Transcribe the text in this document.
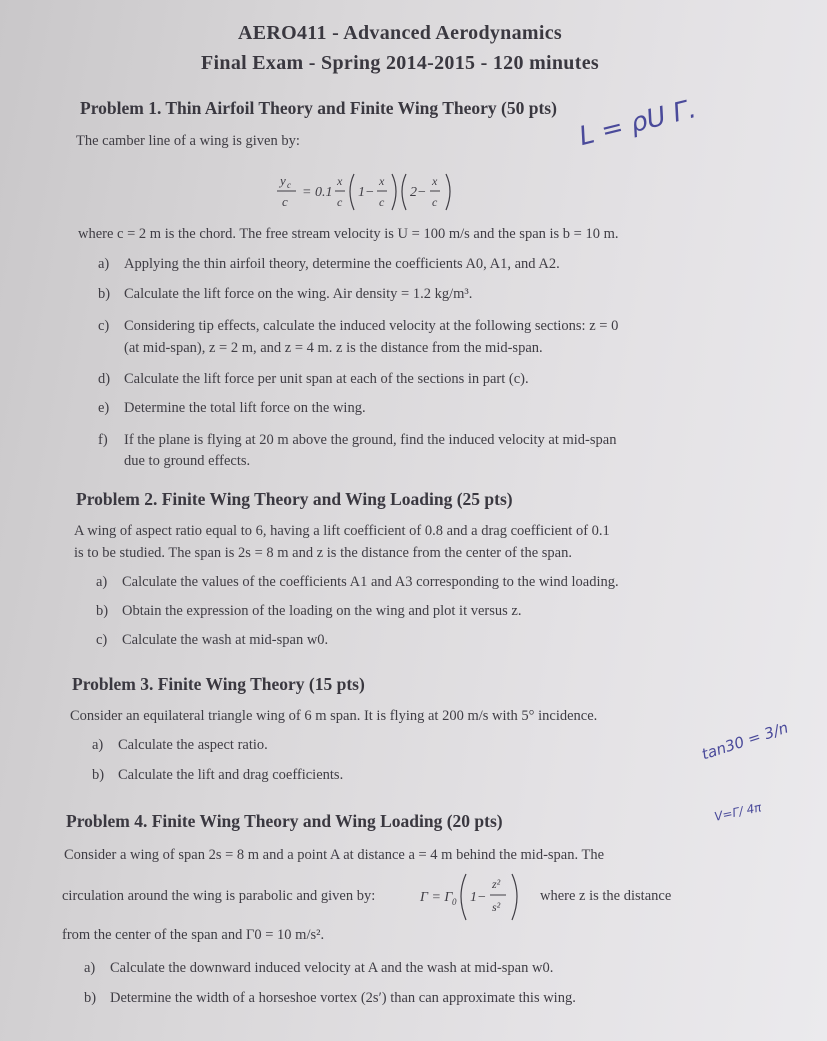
AERO411 - Advanced Aerodynamics
Final Exam - Spring 2014-2015 - 120 minutes
Problem 1. Thin Airfoil Theory and Finite Wing Theory (50 pts)
The camber line of a wing is given by:
y c
c
= 0.1
x
c
1−
x
c
2−
x
c
where c = 2 m is the chord. The free stream velocity is U = 100 m/s and the span is b = 10 m.
a) Applying the thin airfoil theory, determine the coefficients A0, A1, and A2.
b) Calculate the lift force on the wing. Air density = 1.2 kg/m³.
c) Considering tip effects, calculate the induced velocity at the following sections: z = 0
(at mid-span), z = 2 m, and z = 4 m. z is the distance from the mid-span.
d) Calculate the lift force per unit span at each of the sections in part (c).
e) Determine the total lift force on the wing.
f) If the plane is flying at 20 m above the ground, find the induced velocity at mid-span
due to ground effects.
Problem 2. Finite Wing Theory and Wing Loading (25 pts)
A wing of aspect ratio equal to 6, having a lift coefficient of 0.8 and a drag coefficient of 0.1
is to be studied. The span is 2s = 8 m and z is the distance from the center of the span.
a) Calculate the values of the coefficients A1 and A3 corresponding to the wind loading.
b) Obtain the expression of the loading on the wing and plot it versus z.
c) Calculate the wash at mid-span w0.
Problem 3. Finite Wing Theory (15 pts)
Consider an equilateral triangle wing of 6 m span. It is flying at 200 m/s with 5° incidence.
a) Calculate the aspect ratio.
b) Calculate the lift and drag coefficients.
Problem 4. Finite Wing Theory and Wing Loading (20 pts)
Consider a wing of span 2s = 8 m and a point A at distance a = 4 m behind the mid-span. The
circulation around the wing is parabolic and given by:	Γ = Γ 0 1−
z²
s²
where z is the distance
from the center of the span and Γ0 = 10 m/s².
a) Calculate the downward induced velocity at A and the wash at mid-span w0.
b) Determine the width of a horseshoe vortex (2s′) than can approximate this wing.
L = ρU Γ.
tan30 = 3/n
V=Γ/ 4π
